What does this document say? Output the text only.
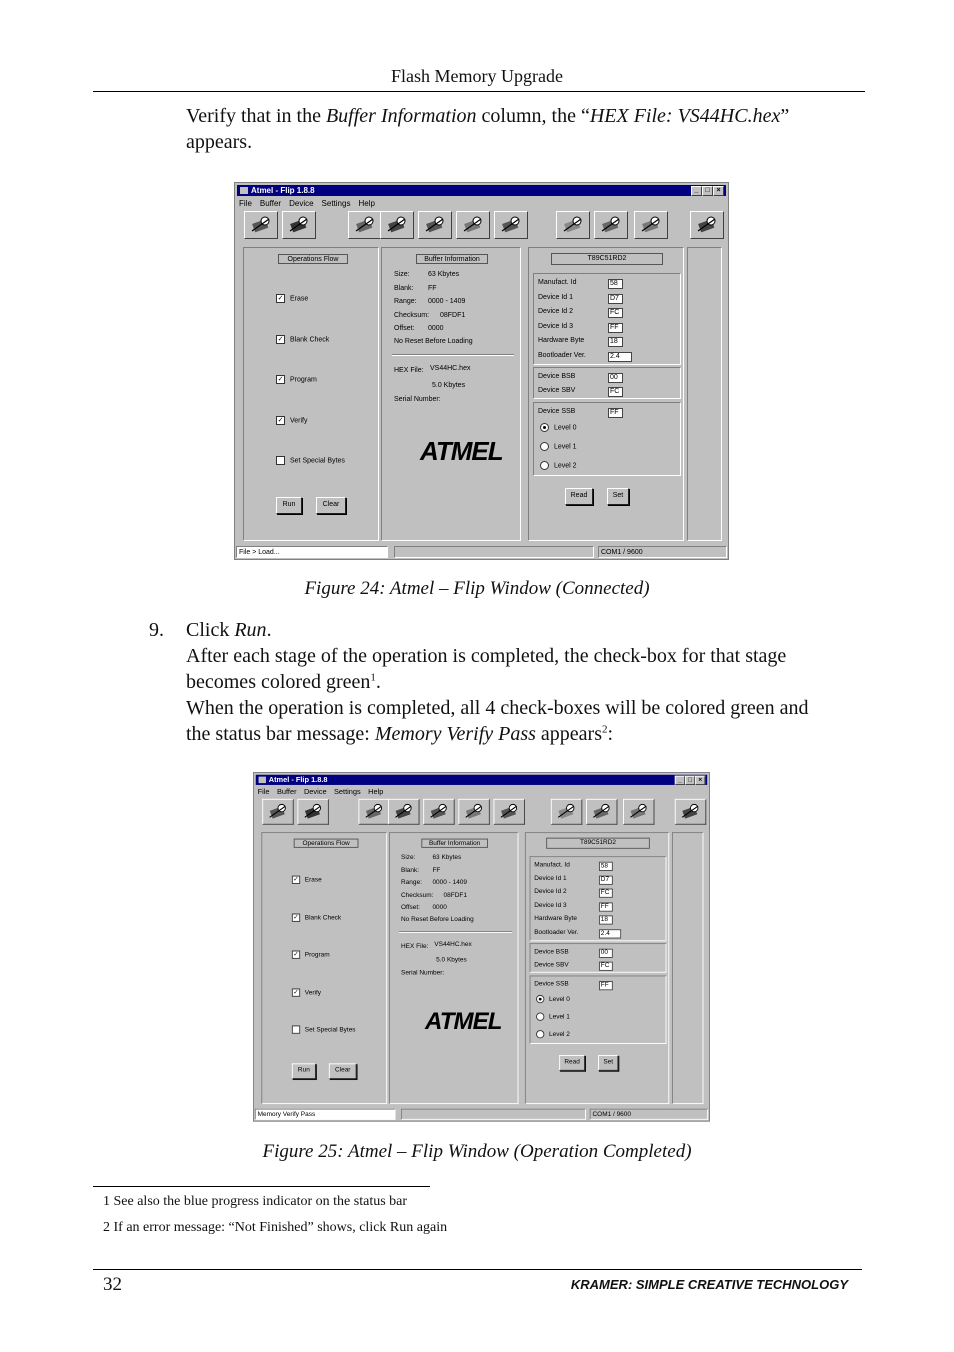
Flash Memory Upgrade
Verify that in the Buffer Information column, the “HEX File: VS44HC.hex”
appears.
Figure 24: Atmel – Flip Window (Connected)
9. Click Run.
After each stage of the operation is completed, the check-box for that stage
becomes colored green$^1$.
When the operation is completed, all 4 check-boxes will be colored green and
the status bar message: Memory Verify Pass appears$^2$:
Figure 25: Atmel – Flip Window (Operation Completed)
1 See also the blue progress indicator on the status bar
2 If an error message: “Not Finished” shows, click Run again
32	KRAMER: SIMPLE CREATIVE TECHNOLOGY
Atmel - Flip 1.8.8	_ □ ×
File Buffer Device Settings Help
Operations Flow
✓ Erase
✓ Blank Check
✓ Program
✓ Verify
Set Special Bytes
Run	Clear
Buffer Information
Size:	63 Kbytes
Blank: FF
Range: 0000 - 1409
Checksum: 08FDF1
Offset: 0000
No Reset Before Loading
HEX File: VS44HC.hex
5.0 Kbytes
Serial Number:
ATMEL
T89C51RD2
Manufact. Id	58
Device Id 1	D7
Device Id 2	FC
Device Id 3	FF
Hardware Byte	18
Bootloader Ver.	2.4
Device BSB	00
Device SBV	FC
Device SSB	FF
Level 0
Level 1
Level 2
Read	Set
File > Load...	COM1 / 9600
Atmel - Flip 1.8.8	_ □ ×
File Buffer Device Settings Help
Operations Flow
✓ Erase
✓ Blank Check
✓ Program
✓ Verify
Set Special Bytes
Run	Clear
Buffer Information
Size: 63 Kbytes
Blank: FF
Range: 0000 - 1409
Checksum: 08FDF1
Offset: 0000
No Reset Before Loading
HEX File: VS44HC.hex
5.0 Kbytes
Serial Number:
ATMEL
T89C51RD2
Manufact. Id	58
Device Id 1	D7
Device Id 2	FC
Device Id 3	FF
Hardware Byte	18
Bootloader Ver.	2.4
Device BSB	00
Device SBV	FC
Device SSB	FF
Level 0
Level 1
Level 2
Read	Set
Memory Verify Pass	COM1 / 9600
